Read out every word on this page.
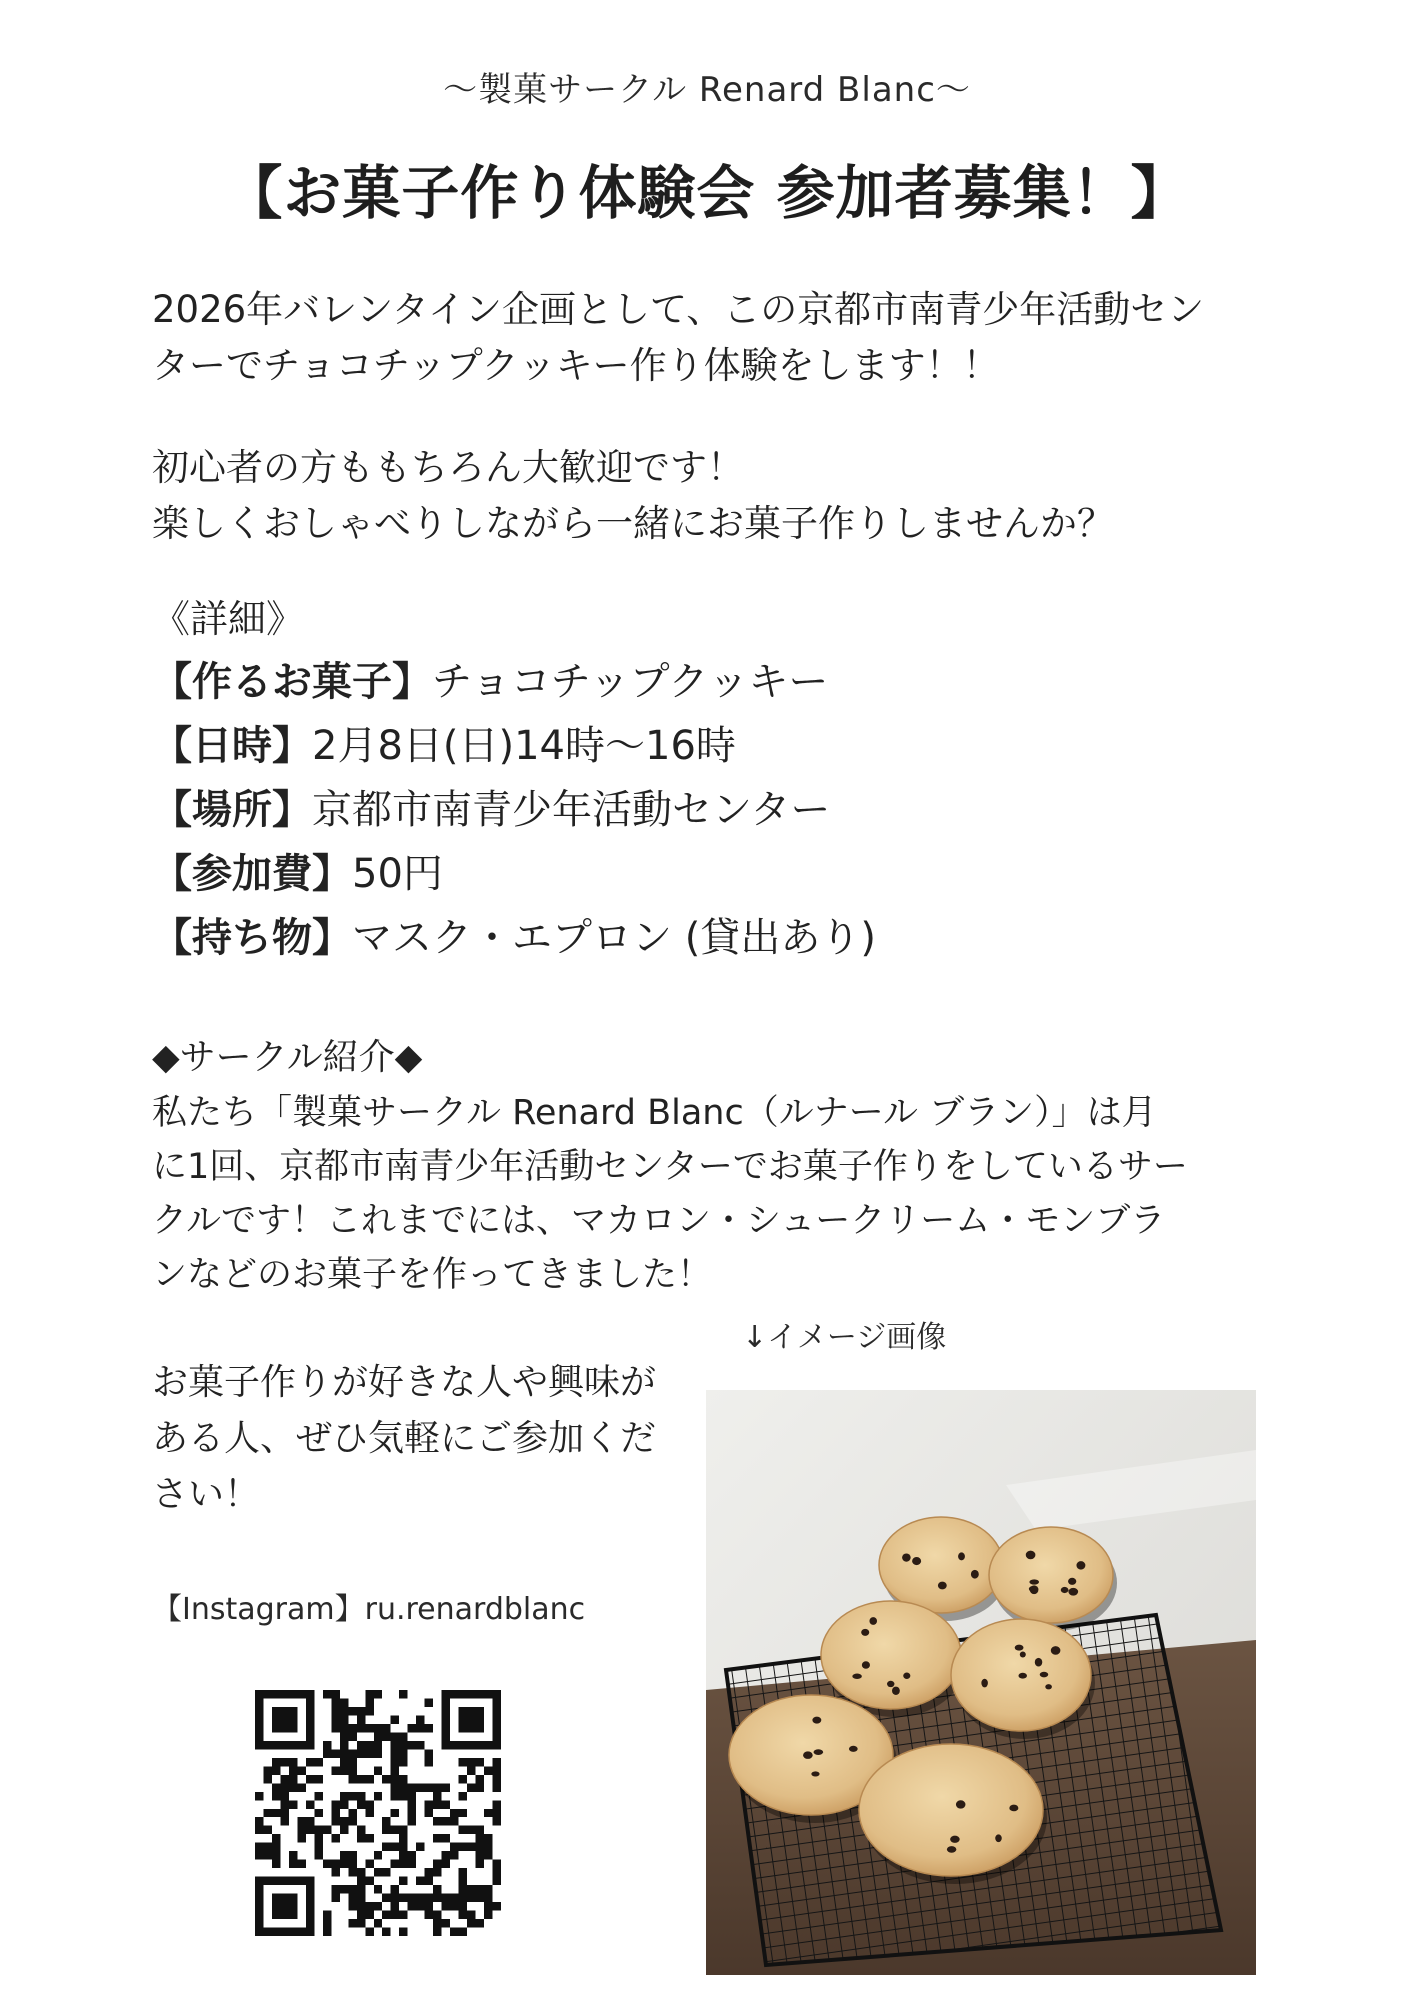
～製菓サークル Renard Blanc～
【お菓子作り体験会 参加者募集！】
2026年バレンタイン企画として、この京都市南青少年活動セン
ターでチョコチップクッキー作り体験をします！！
初心者の方ももちろん大歓迎です！
楽しくおしゃべりしながら一緒にお菓子作りしませんか？
《詳細》
【作るお菓子】チョコチップクッキー
【日時】2月8日(日)14時～16時
【場所】京都市南青少年活動センター
【参加費】50円
【持ち物】マスク・エプロン (貸出あり)
◆サークル紹介◆
私たち「製菓サークル Renard Blanc（ルナール ブラン）」は月
に1回、京都市南青少年活動センターでお菓子作りをしているサー
クルです！これまでには、マカロン・シュークリーム・モンブラ
ンなどのお菓子を作ってきました！
お菓子作りが好きな人や興味が
ある人、ぜひ気軽にご参加くだ
さい！
【Instagram】ru.renardblanc
↓イメージ画像
